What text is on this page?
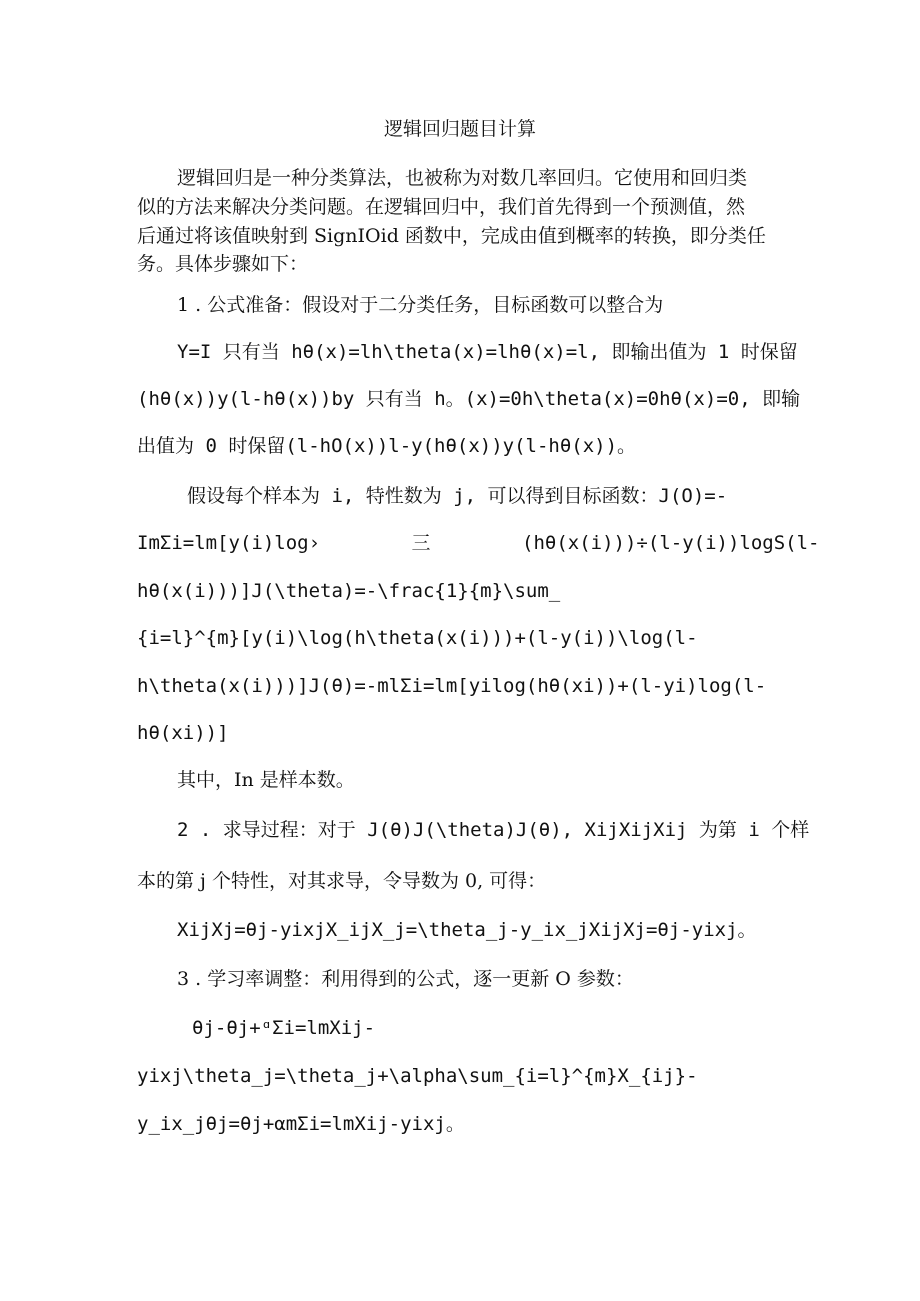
逻辑回归题目计算
逻辑回归是一种分类算法，也被称为对数几率回归。它使用和回归类
似的方法来解决分类问题。在逻辑回归中，我们首先得到一个预测值，然
后通过将该值映射到 SignIOid 函数中，完成由值到概率的转换，即分类任
务。具体步骤如下：
1 . 公式准备：假设对于二分类任务，目标函数可以整合为
Y=I 只有当 hθ(x)=lh\theta(x)=lhθ(x)=l, 即输出值为 1 时保留
(hθ(x))y(l-hθ(x))by 只有当 h。(x)=0h\theta(x)=0hθ(x)=0, 即输
出值为 0 时保留(l-hO(x))l-y(hθ(x))y(l-hθ(x))。
假设每个样本为 i, 特性数为 j, 可以得到目标函数：J(O)=-
ImΣi=lm[y(i)log›        三        (hθ(x(i)))÷(l-y(i))logS(l-
hθ(x(i)))]J(\theta)=-\frac{1}{m}\sum_
{i=l}^{m}[y(i)\log(h\theta(x(i)))+(l-y(i))\log(l-
h\theta(x(i)))]J(θ)=-mlΣi=lm[yilog(hθ(xi))+(l-yi)log(l-
hθ(xi))]
其中，In 是样本数。
2 . 求导过程：对于 J(θ)J(\theta)J(θ), XijXijXij 为第 i 个样
本的第 j 个特性，对其求导，令导数为 0, 可得：
XijXj=θj-yixjX_ijX_j=\theta_j-y_ix_jXijXj=θj-yixj。
3 . 学习率调整：利用得到的公式，逐一更新 O 参数：
θj-θj+ᵅΣi=lmXij-
yixj\theta_j=\theta_j+\alpha\sum_{i=l}^{m}X_{ij}-
y_ix_jθj=θj+αmΣi=lmXij-yixj。
